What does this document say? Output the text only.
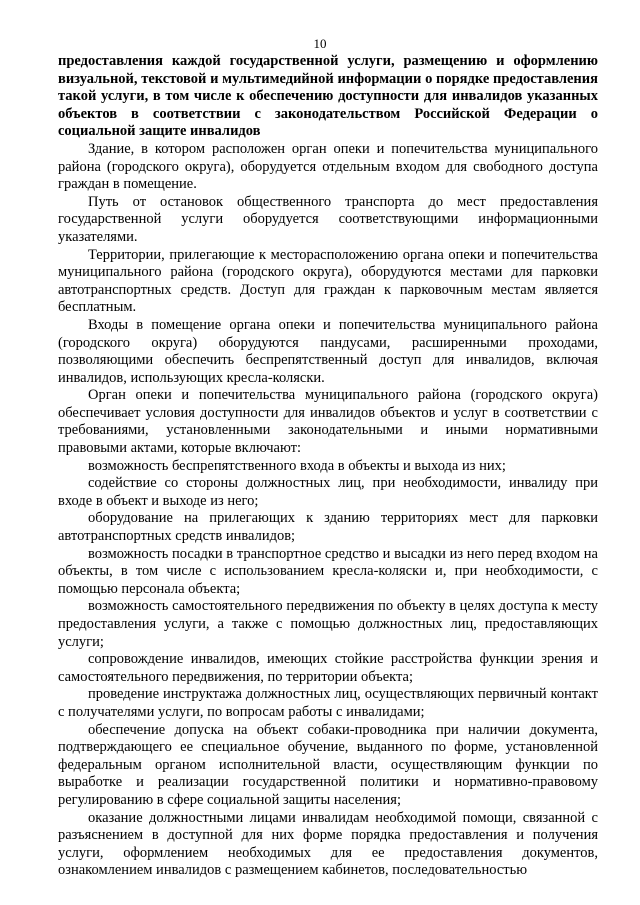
10

предоставления каждой государственной услуги, размещению и оформлению визуальной, текстовой и мультимедийной информации о порядке предоставления такой услуги, в том числе к обеспечению доступности для инвалидов указанных объектов в соответствии с законодательством Российской Федерации о социальной защите инвалидов

Здание, в котором расположен орган опеки и попечительства муниципального района (городского округа), оборудуется отдельным входом для свободного доступа граждан в помещение.

Путь от остановок общественного транспорта до мест предоставления государственной услуги оборудуется соответствующими информационными указателями.

Территории, прилегающие к месторасположению органа опеки и попечительства муниципального района (городского округа), оборудуются местами для парковки автотранспортных средств. Доступ для граждан к парковочным местам является бесплатным.

Входы в помещение органа опеки и попечительства муниципального района (городского округа) оборудуются пандусами, расширенными проходами, позволяющими обеспечить беспрепятственный доступ для инвалидов, включая инвалидов, использующих кресла-коляски.

Орган опеки и попечительства муниципального района (городского округа) обеспечивает условия доступности для инвалидов объектов и услуг в соответствии с требованиями, установленными законодательными и иными нормативными правовыми актами, которые включают:

возможность беспрепятственного входа в объекты и выхода из них;

содействие со стороны должностных лиц, при необходимости, инвалиду при входе в объект и выходе из него;

оборудование на прилегающих к зданию территориях мест для парковки автотранспортных средств инвалидов;

возможность посадки в транспортное средство и высадки из него перед входом на объекты, в том числе с использованием кресла-коляски и, при необходимости, с помощью персонала объекта;

возможность самостоятельного передвижения по объекту в целях доступа к месту предоставления услуги, а также с помощью должностных лиц, предоставляющих услуги;

сопровождение инвалидов, имеющих стойкие расстройства функции зрения и самостоятельного передвижения, по территории объекта;

проведение инструктажа должностных лиц, осуществляющих первичный контакт с получателями услуги, по вопросам работы с инвалидами;

обеспечение допуска на объект собаки-проводника при наличии документа, подтверждающего ее специальное обучение, выданного по форме, установленной федеральным органом исполнительной власти, осуществляющим функции по выработке и реализации государственной политики и нормативно-правовому регулированию в сфере социальной защиты населения;

оказание должностными лицами инвалидам необходимой помощи, связанной с разъяснением в доступной для них форме порядка предоставления и получения услуги, оформлением необходимых для ее предоставления документов, ознакомлением инвалидов с размещением кабинетов, последовательностью
